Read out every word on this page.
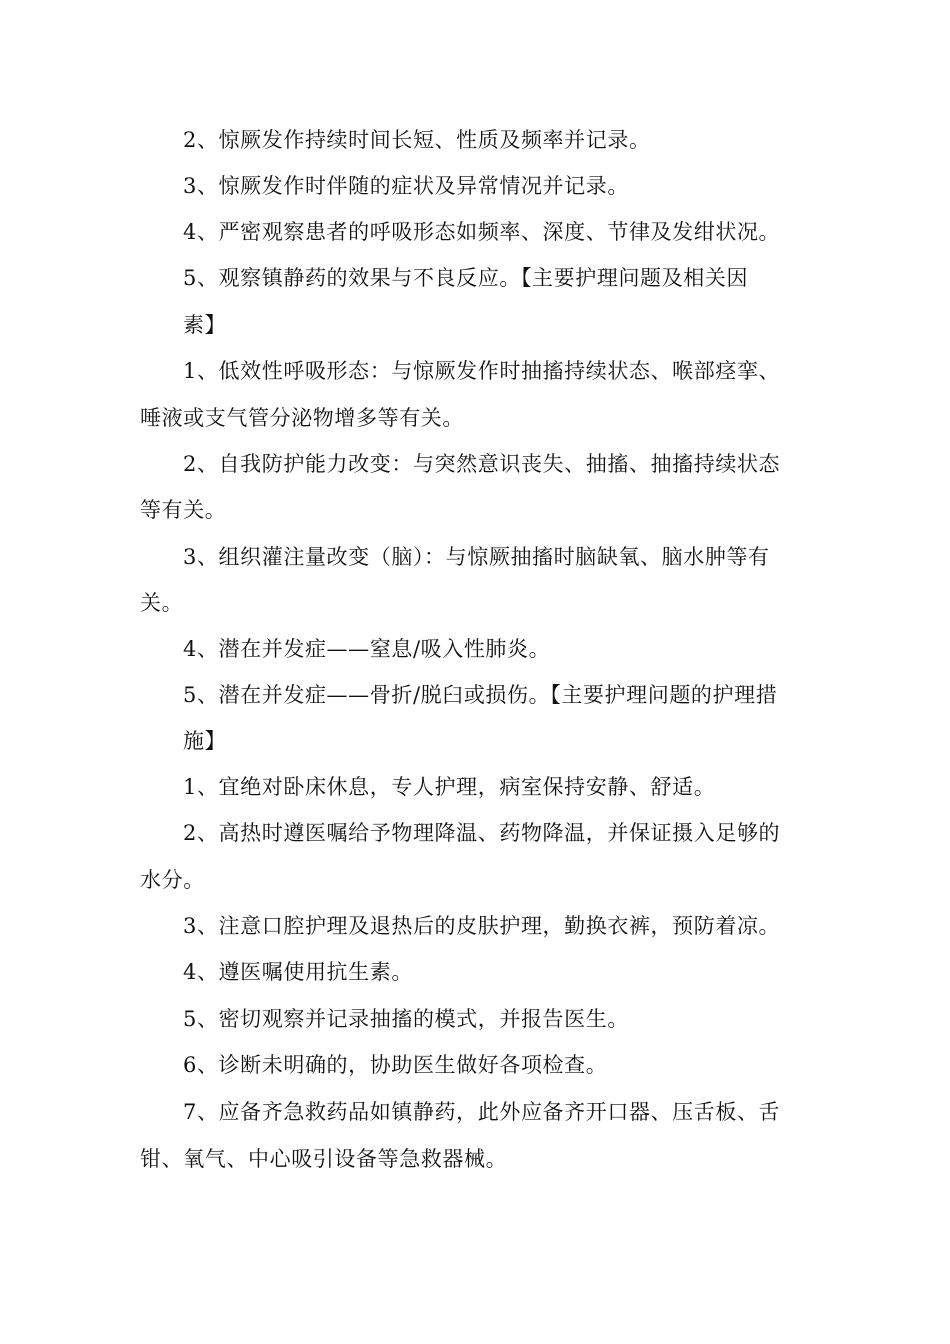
2、惊厥发作持续时间长短、性质及频率并记录。
3、惊厥发作时伴随的症状及异常情况并记录。
4、严密观察患者的呼吸形态如频率、深度、节律及发绀状况。
5、观察镇静药的效果与不良反应。【主要护理问题及相关因
素】
1、低效性呼吸形态：与惊厥发作时抽搐持续状态、喉部痉挛、
唾液或支气管分泌物增多等有关。
2、自我防护能力改变：与突然意识丧失、抽搐、抽搐持续状态
等有关。
3、组织灌注量改变（脑）：与惊厥抽搐时脑缺氧、脑水肿等有
关。
4、潜在并发症——窒息/吸入性肺炎。
5、潜在并发症——骨折/脱臼或损伤。【主要护理问题的护理措
施】
1、宜绝对卧床休息，专人护理，病室保持安静、舒适。
2、高热时遵医嘱给予物理降温、药物降温，并保证摄入足够的
水分。
3、注意口腔护理及退热后的皮肤护理，勤换衣裤，预防着凉。
4、遵医嘱使用抗生素。
5、密切观察并记录抽搐的模式，并报告医生。
6、诊断未明确的，协助医生做好各项检查。
7、应备齐急救药品如镇静药，此外应备齐开口器、压舌板、舌
钳、氧气、中心吸引设备等急救器械。
